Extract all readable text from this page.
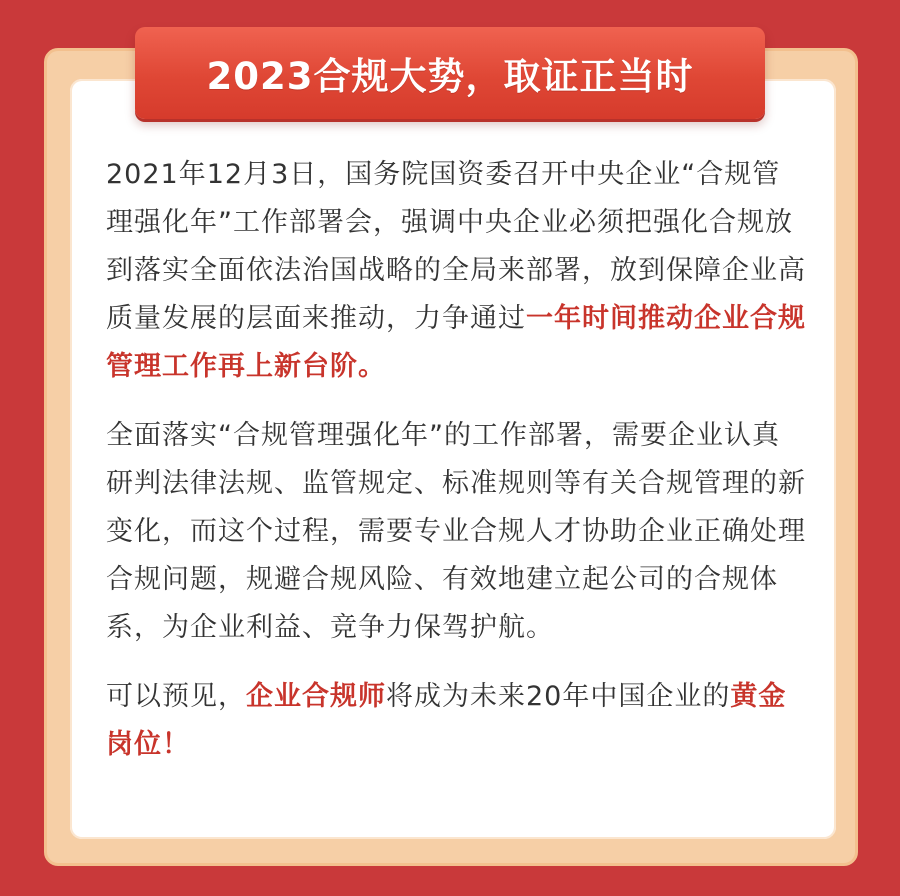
2023合规大势，取证正当时

2021年12月3日，国务院国资委召开中央企业“合规管理强化年”工作部署会，强调中央企业必须把强化合规放到落实全面依法治国战略的全局来部署，放到保障企业高质量发展的层面来推动，力争通过一年时间推动企业合规管理工作再上新台阶。

全面落实“合规管理强化年”的工作部署，需要企业认真研判法律法规、监管规定、标准规则等有关合规管理的新变化，而这个过程，需要专业合规人才协助企业正确处理合规问题，规避合规风险、有效地建立起公司的合规体系，为企业利益、竞争力保驾护航。

可以预见，企业合规师将成为未来20年中国企业的黄金岗位！
